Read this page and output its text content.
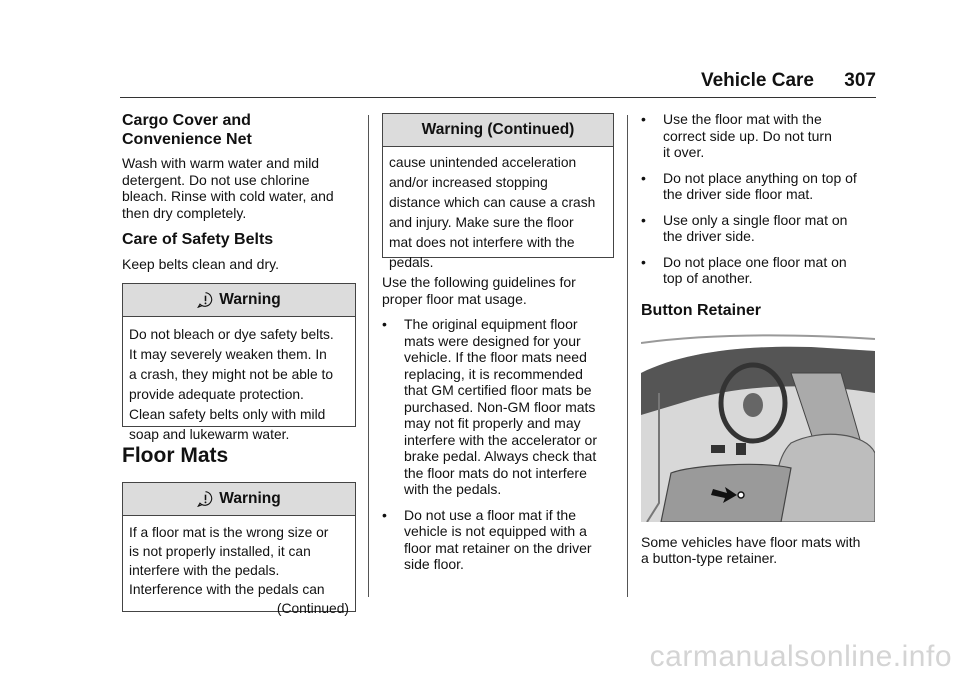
Vehicle Care 307
Cargo Cover and
Convenience Net

Wash with warm water and mild
detergent. Do not use chlorine
bleach. Rinse with cold water, and
then dry completely.

Care of Safety Belts

Keep belts clean and dry.

Warning
Do not bleach or dye safety belts.
It may severely weaken them. In
a crash, they might not be able to
provide adequate protection.
Clean safety belts only with mild
soap and lukewarm water.
Floor Mats
Warning
If a floor mat is the wrong size or
is not properly installed, it can
interfere with the pedals.
Interference with the pedals can
(Continued)
Warning (Continued)
cause unintended acceleration
and/or increased stopping
distance which can cause a crash
and injury. Make sure the floor
mat does not interfere with the
pedals.

Use the following guidelines for
proper floor mat usage.

•	The original equipment floor
mats were designed for your
vehicle. If the floor mats need
replacing, it is recommended
that GM certified floor mats be
purchased. Non-GM floor mats
may not fit properly and may
interfere with the accelerator or
brake pedal. Always check that
the floor mats do not interfere
with the pedals.
•	Do not use a floor mat if the
vehicle is not equipped with a
floor mat retainer on the driver
side floor.
•	Use the floor mat with the
correct side up. Do not turn
it over.
•	Do not place anything on top of
the driver side floor mat.
•	Use only a single floor mat on
the driver side.
•	Do not place one floor mat on
top of another.
Button Retainer

Some vehicles have floor mats with
a button-type retainer.

carmanualsonline.info
